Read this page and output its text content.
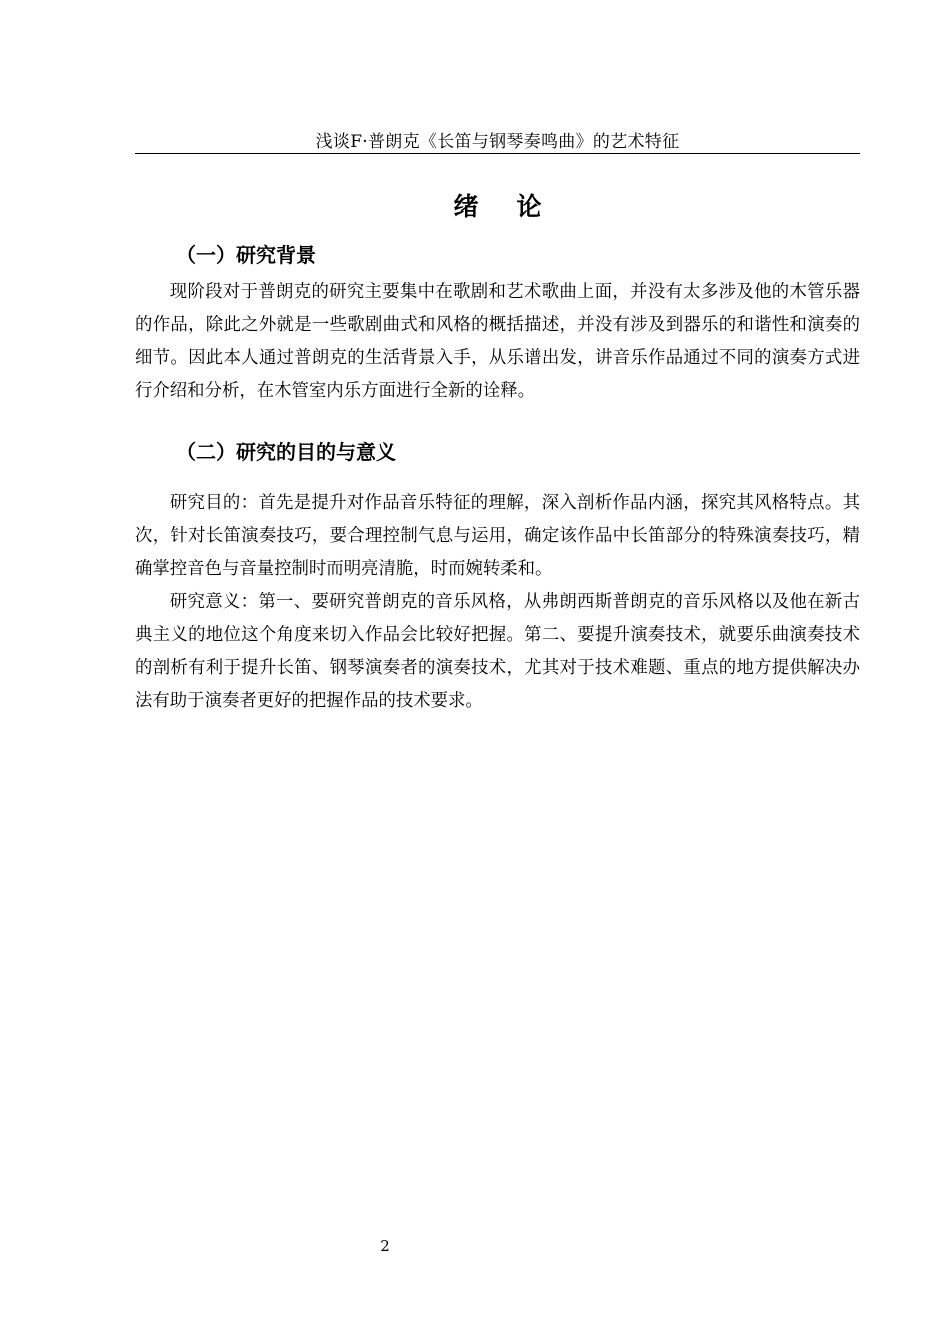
浅谈F·普朗克《长笛与钢琴奏鸣曲》的艺术特征
绪 论
（一）研究背景

现阶段对于普朗克的研究主要集中在歌剧和艺术歌曲上面，并没有太多涉及他的木管乐器的作品，除此之外就是一些歌剧曲式和风格的概括描述，并没有涉及到器乐的和谐性和演奏的细节。因此本人通过普朗克的生活背景入手，从乐谱出发，讲音乐作品通过不同的演奏方式进行介绍和分析，在木管室内乐方面进行全新的诠释。

（二）研究的目的与意义

研究目的：首先是提升对作品音乐特征的理解，深入剖析作品内涵，探究其风格特点。其次，针对长笛演奏技巧，要合理控制气息与运用，确定该作品中长笛部分的特殊演奏技巧，精确掌控音色与音量控制时而明亮清脆，时而婉转柔和。

研究意义：第一、要研究普朗克的音乐风格，从弗朗西斯普朗克的音乐风格以及他在新古典主义的地位这个角度来切入作品会比较好把握。第二、要提升演奏技术，就要乐曲演奏技术的剖析有利于提升长笛、钢琴演奏者的演奏技术，尤其对于技术难题、重点的地方提供解决办法有助于演奏者更好的把握作品的技术要求。

2
